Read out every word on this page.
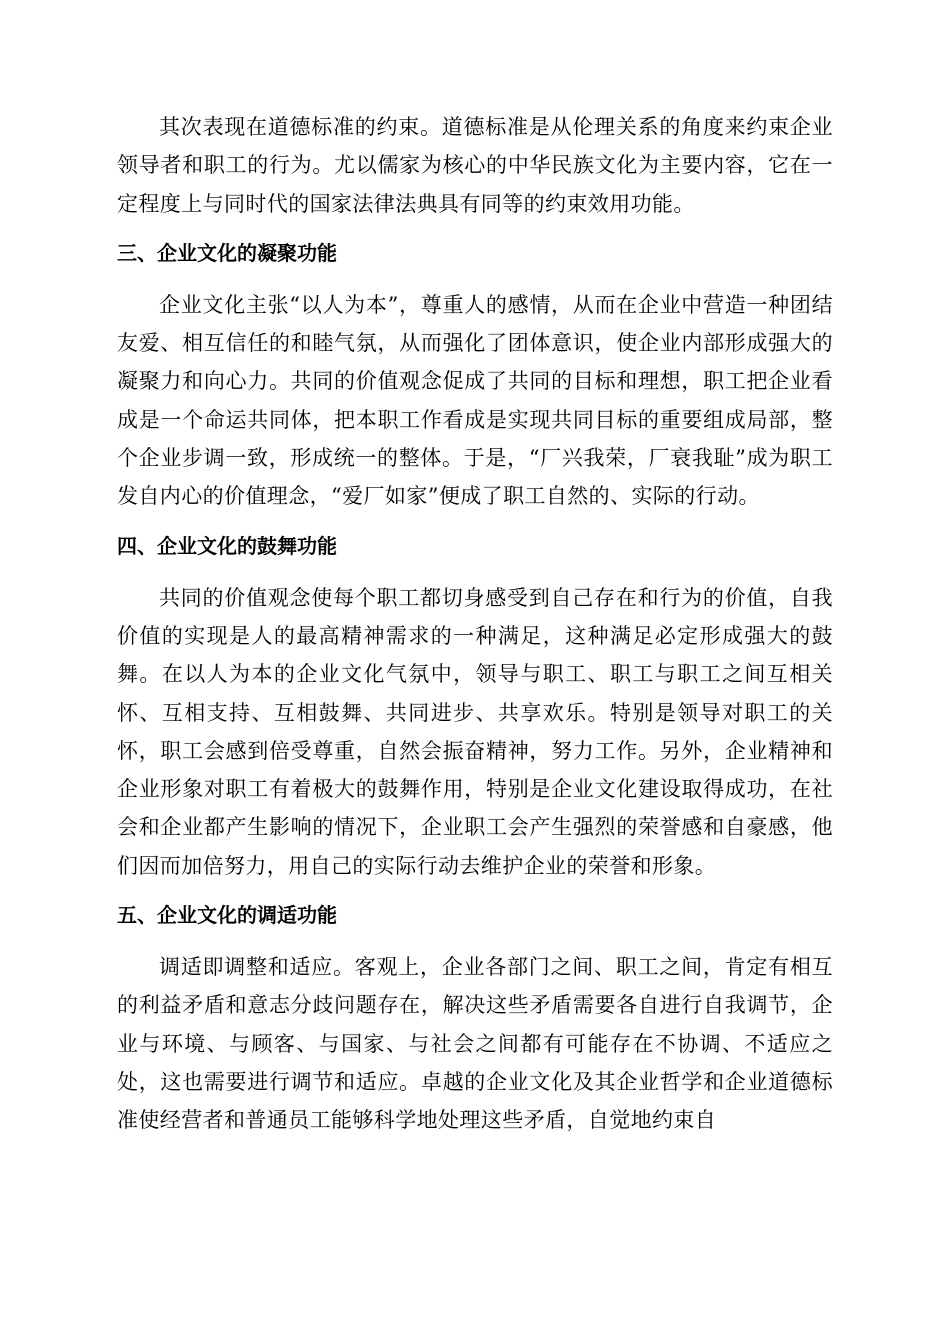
其次表现在道德标准的约束。道德标准是从伦理关系的角度来约束企业领导者和职工的行为。尤以儒家为核心的中华民族文化为主要内容，它在一定程度上与同时代的国家法律法典具有同等的约束效用功能。

三、企业文化的凝聚功能

企业文化主张“以人为本”，尊重人的感情，从而在企业中营造一种团结友爱、相互信任的和睦气氛，从而强化了团体意识，使企业内部形成强大的凝聚力和向心力。共同的价值观念促成了共同的目标和理想，职工把企业看成是一个命运共同体，把本职工作看成是实现共同目标的重要组成局部，整个企业步调一致，形成统一的整体。于是，“厂兴我荣，厂衰我耻”成为职工发自内心的价值理念，“爱厂如家”便成了职工自然的、实际的行动。

四、企业文化的鼓舞功能

共同的价值观念使每个职工都切身感受到自己存在和行为的价值，自我价值的实现是人的最高精神需求的一种满足，这种满足必定形成强大的鼓舞。在以人为本的企业文化气氛中，领导与职工、职工与职工之间互相关怀、互相支持、互相鼓舞、共同进步、共享欢乐。特别是领导对职工的关怀，职工会感到倍受尊重，自然会振奋精神，努力工作。另外，企业精神和企业形象对职工有着极大的鼓舞作用，特别是企业文化建设取得成功，在社会和企业都产生影响的情况下，企业职工会产生强烈的荣誉感和自豪感，他们因而加倍努力，用自己的实际行动去维护企业的荣誉和形象。

五、企业文化的调适功能

调适即调整和适应。客观上，企业各部门之间、职工之间，肯定有相互的利益矛盾和意志分歧问题存在，解决这些矛盾需要各自进行自我调节，企业与环境、与顾客、与国家、与社会之间都有可能存在不协调、不适应之处，这也需要进行调节和适应。卓越的企业文化及其企业哲学和企业道德标准使经营者和普通员工能够科学地处理这些矛盾，自觉地约束自
